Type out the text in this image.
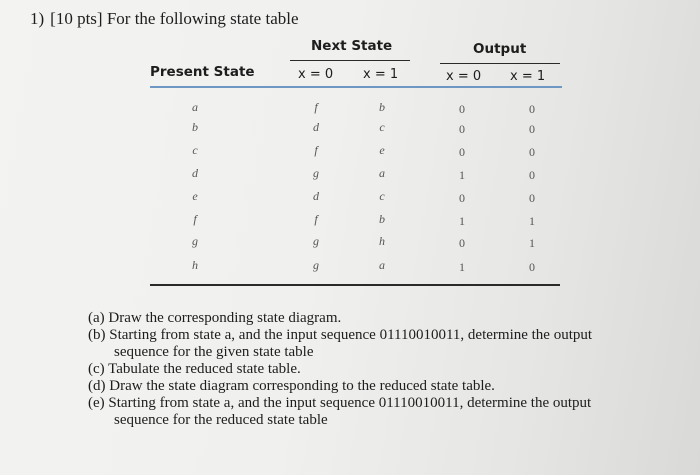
1) [10 pts] For the following state table
Next State	Output
Present State	x = 0 x = 1	x = 0 x = 1
a	f	b	0	0
b	d	c	0	0
c	f	e	0	0
d	g	a	1	0
e	d	c	0	0
f	f	b	1	1
g	g	h	0	1
h	g	a	1	0
(a) Draw the corresponding state diagram.
(b) Starting from state a, and the input sequence 01110010011, determine the output
sequence for the given state table
(c) Tabulate the reduced state table.
(d) Draw the state diagram corresponding to the reduced state table.
(e) Starting from state a, and the input sequence 01110010011, determine the output
sequence for the reduced state table
